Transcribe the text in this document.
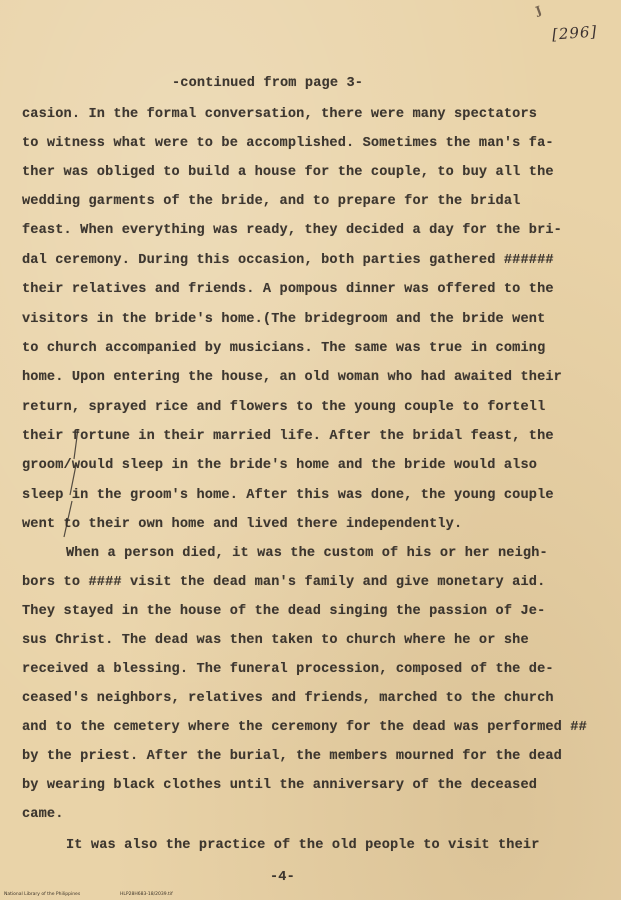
J
[296]
-continued from page 3-
casion. In the formal conversation, there were many spectators
to witness what were to be accomplished. Sometimes the man's fa-
ther was obliged to build a house for the couple, to buy all the
wedding garments of the bride, and to prepare for the bridal
feast. When everything was ready, they decided a day for the bri-
dal ceremony. During this occasion, both parties gathered ######
their relatives and friends. A pompous dinner was offered to the
visitors in the bride's home.(The bridegroom and the bride went
to church accompanied by musicians. The same was true in coming
home. Upon entering the house, an old woman who had awaited their
return, sprayed rice and flowers to the young couple to fortell
their fortune in their married life. After the bridal feast, the
groom/would sleep in the bride's home and the bride would also
sleep in the groom's home. After this was done, the young couple
went to their own home and lived there independently.
When a person died, it was the custom of his or her neigh-
bors to #### visit the dead man's family and give monetary aid.
They stayed in the house of the dead singing the passion of Je-
sus Christ. The dead was then taken to church where he or she
received a blessing. The funeral procession, composed of the de-
ceased's neighbors, relatives and friends, marched to the church
and to the cemetery where the ceremony for the dead was performed ##
by the priest. After the burial, the members mourned for the dead
by wearing black clothes until the anniversary of the deceased
came.
It was also the practice of the old people to visit their
-4-
National Library of the Philippines	HLP28H683-18/2039.tif
